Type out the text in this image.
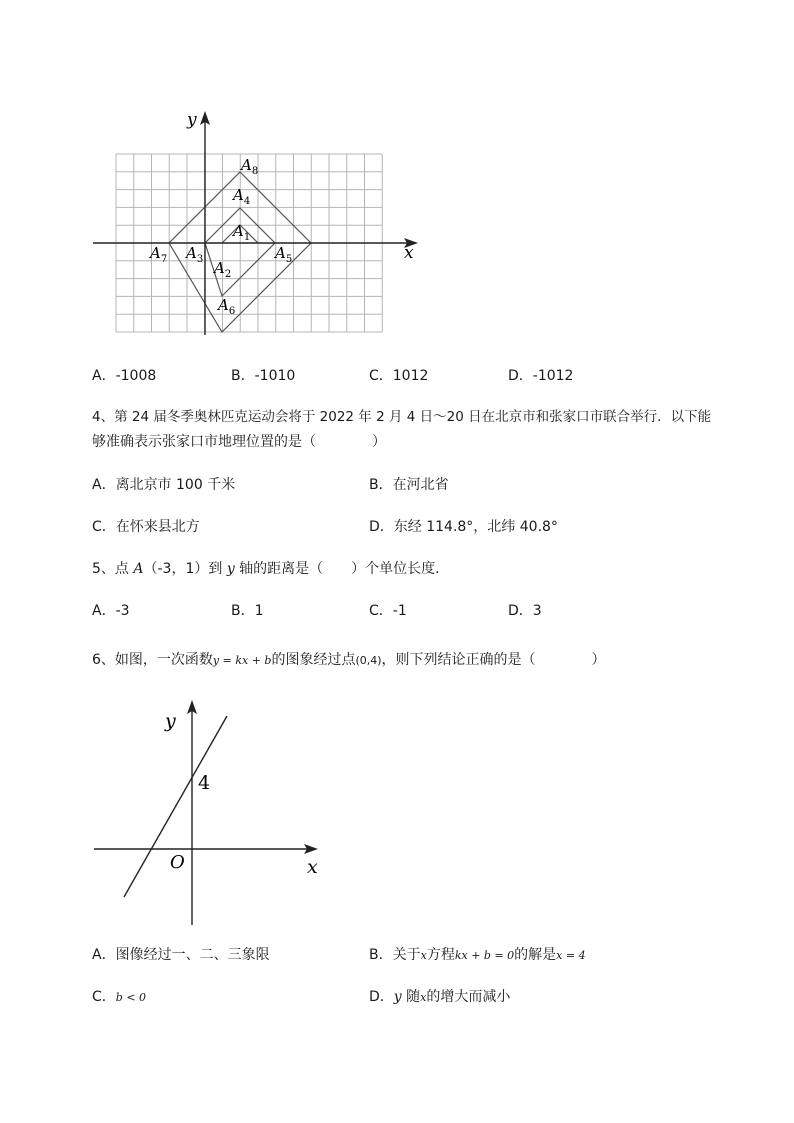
y
x
$A_8$
$A_4$
$A_1$
$A_7$ $A_3$ $A_2$
$A_5$
$A_6$
A．-1008	B．-1010	C．1012	D．-1012
4、第 24 届冬季奥林匹克运动会将于 2022 年 2 月 4 日～20 日在北京市和张家口市联合举行．以下能
够准确表示张家口市地理位置的是（　　　　）
A．离北京市 100 千米	B．在河北省
C．在怀来县北方	D．东经 114.8°，北纬 40.8°
5、点 A（-3，1）到 y 轴的距离是（　　）个单位长度．
A．-3	B．1	C．-1	D．3
6、如图，一次函数y = kx + b的图象经过点(0,4)，则下列结论正确的是（　　　　）
y
x
O
4
A．图像经过一、二、三象限	B．关于x方程kx + b = 0的解是x = 4
C．b < 0	D．y 随x的增大而减小
